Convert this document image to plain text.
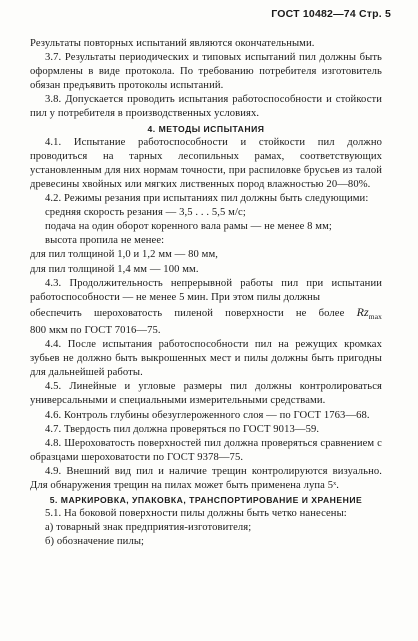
ГОСТ 10482—74 Стр. 5

Результаты повторных испытаний являются окончательными.

3.7. Результаты периодических и типовых испытаний пил должны быть оформлены в виде протокола. По требованию потребителя изготовитель обязан предъявить протоколы испытаний.

3.8. Допускается проводить испытания работоспособности и стойкости пил у потребителя в производственных условиях.

4. МЕТОДЫ ИСПЫТАНИЯ

4.1. Испытание работоспособности и стойкости пил должно проводиться на тарных лесопильных рамах, соответствующих установленным для них нормам точности, при распиловке брусьев из талой древесины хвойных или мягких лиственных пород влажностью 20—80%.

4.2. Режимы резания при испытаниях пил должны быть следующими:

средняя скорость резания — 3,5 . . . 5,5 м/с;

подача на один оборот коренного вала рамы — не менее 8 мм;

высота пропила не менее:

для пил толщиной 1,0 и 1,2 мм — 80 мм,

для пил толщиной 1,4 мм — 100 мм.

4.3. Продолжительность непрерывной работы пил при испытании работоспособности — не менее 5 мин. При этом пилы должны
обеспечить шероховатость пиленой поверхности не более $Rz_{max}$
800 мкм по ГОСТ 7016—75.

4.4. После испытания работоспособности пил на режущих кромках зубьев не должно быть выкрошенных мест и пилы должны быть пригодны для дальнейшей работы.

4.5. Линейные и угловые размеры пил должны контролироваться универсальными и специальными измерительными средствами.

4.6. Контроль глубины обезуглероженного слоя — по ГОСТ 1763—68.

4.7. Твердость пил должна проверяться по ГОСТ 9013—59.

4.8. Шероховатость поверхностей пил должна проверяться сравнением с образцами шероховатости по ГОСТ 9378—75.

4.9. Внешний вид пил и наличие трещин контролируются визуально. Для обнаружения трещин на пилах может быть применена лупа 5ˣ.

5. МАРКИРОВКА, УПАКОВКА, ТРАНСПОРТИРОВАНИЕ И ХРАНЕНИЕ

5.1. На боковой поверхности пилы должны быть четко нанесены:

а) товарный знак предприятия-изготовителя;

б) обозначение пилы;
